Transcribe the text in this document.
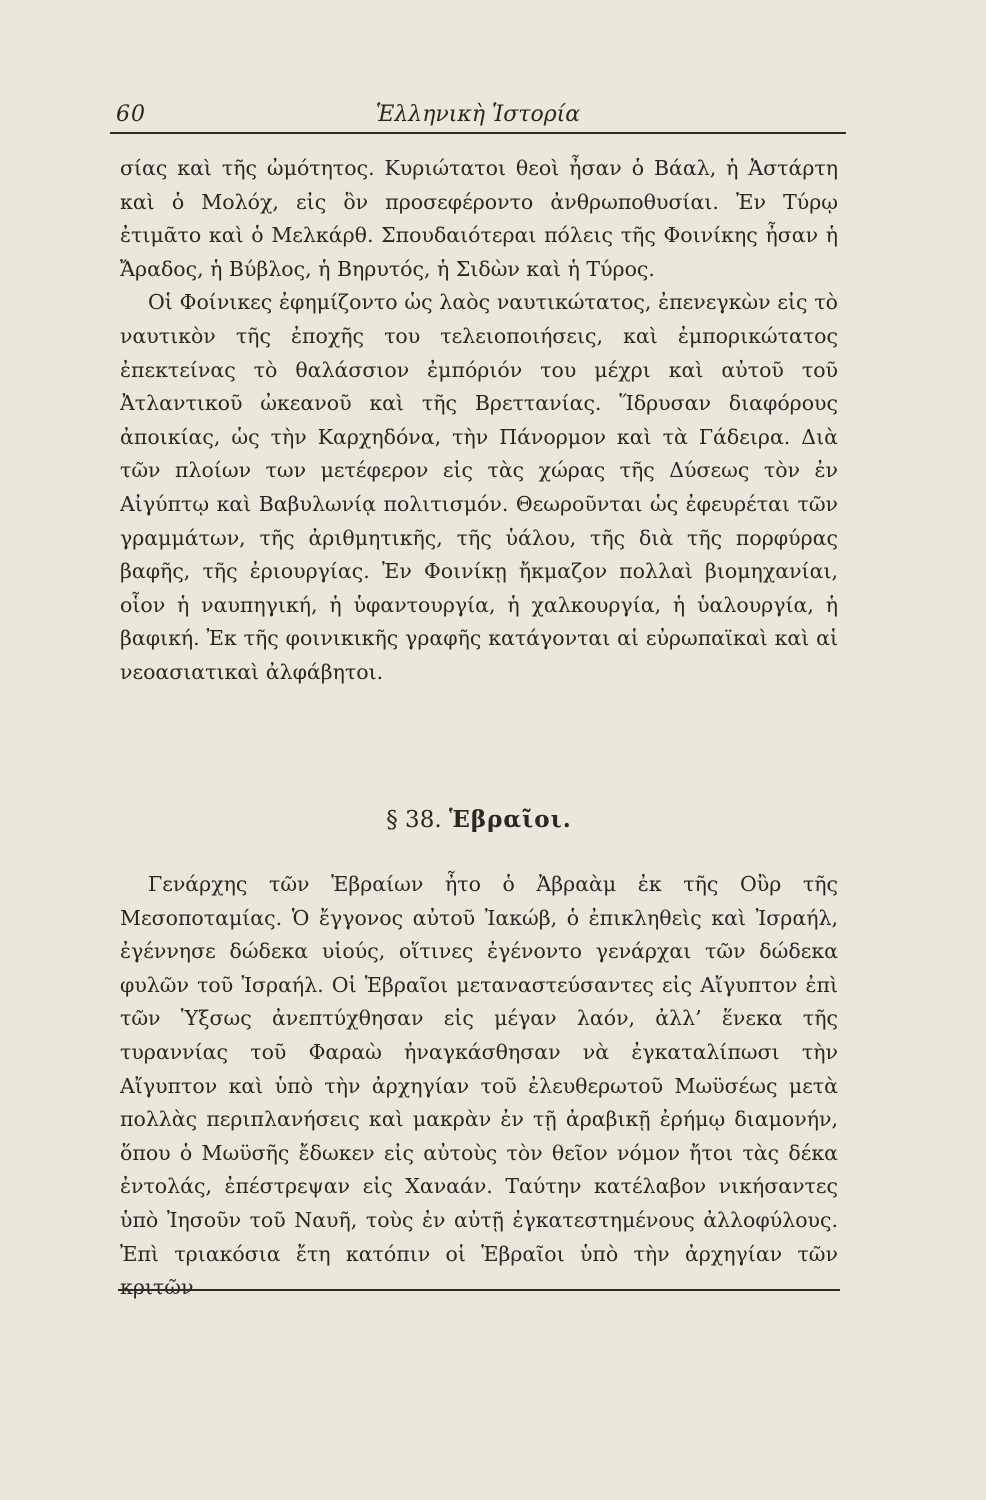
60	Ἑλληνικὴ Ἱστορία

σίας καὶ τῆς ὠμότητος. Κυριώτατοι θεοὶ ἦσαν ὁ Βάαλ, ἡ Ἀστάρτη καὶ ὁ Μολόχ, εἰς ὃν προσεφέροντο ἀνθρωποθυσίαι. Ἐν Τύρῳ ἐτιμᾶτο καὶ ὁ Μελκάρθ. Σπουδαιότεραι πόλεις τῆς Φοινίκης ἦσαν ἡ Ἄραδος, ἡ Βύβλος, ἡ Βηρυτός, ἡ Σιδὼν καὶ ἡ Τύρος.

Οἱ Φοίνικες ἐφημίζοντο ὡς λαὸς ναυτικώτατος, ἐπενεγκὼν εἰς τὸ ναυτικὸν τῆς ἐποχῆς του τελειοποιήσεις, καὶ ἐμπορικώτατος ἐπεκτείνας τὸ θαλάσσιον ἐμπόριόν του μέχρι καὶ αὐτοῦ τοῦ Ἀτλαντικοῦ ὠκεανοῦ καὶ τῆς Βρεττανίας. Ἵδρυσαν διαφόρους ἀποικίας, ὡς τὴν Καρχηδόνα, τὴν Πάνορμον καὶ τὰ Γάδειρα. Διὰ τῶν πλοίων των μετέφερον εἰς τὰς χώρας τῆς Δύσεως τὸν ἐν Αἰγύπτῳ καὶ Βαβυλωνίᾳ πολιτισμόν. Θεωροῦνται ὡς ἐφευρέται τῶν γραμμάτων, τῆς ἀριθμητικῆς, τῆς ὑάλου, τῆς διὰ τῆς πορφύρας βαφῆς, τῆς ἐριουργίας. Ἐν Φοινίκῃ ἤκμαζον πολλαὶ βιομηχανίαι, οἷον ἡ ναυπηγική, ἡ ὑφαντουργία, ἡ χαλκουργία, ἡ ὑαλουργία, ἡ βαφική. Ἐκ τῆς φοινικικῆς γραφῆς κατάγονται αἱ εὐρωπαϊκαὶ καὶ αἱ νεοασιατικαὶ ἀλφάβητοι.

§ 38. Ἑβραῖοι.

Γενάρχης τῶν Ἑβραίων ἦτο ὁ Ἀβραὰμ ἐκ τῆς Οὒρ τῆς Μεσοποταμίας. Ὁ ἔγγονος αὐτοῦ Ἰακώβ, ὁ ἐπικληθεὶς καὶ Ἰσραήλ, ἐγέννησε δώδεκα υἱούς, οἵτινες ἐγένοντο γενάρχαι τῶν δώδεκα φυλῶν τοῦ Ἰσραήλ. Οἱ Ἑβραῖοι μεταναστεύσαντες εἰς Αἴγυπτον ἐπὶ τῶν Ὑξσως ἀνεπτύχθησαν εἰς μέγαν λαόν, ἀλλ’ ἕνεκα τῆς τυραννίας τοῦ Φαραὼ ἠναγκάσθησαν νὰ ἐγκαταλίπωσι τὴν Αἴγυπτον καὶ ὑπὸ τὴν ἀρχηγίαν τοῦ ἐλευθερωτοῦ Μωϋσέως μετὰ πολλὰς περιπλανήσεις καὶ μακρὰν ἐν τῇ ἀραβικῇ ἐρήμῳ διαμονήν, ὅπου ὁ Μωϋσῆς ἔδωκεν εἰς αὐτοὺς τὸν θεῖον νόμον ἤτοι τὰς δέκα ἐντολάς, ἐπέστρεψαν εἰς Χαναάν. Ταύτην κατέλαβον νικήσαντες ὑπὸ Ἰησοῦν τοῦ Ναυῆ, τοὺς ἐν αὐτῇ ἐγκατεστημένους ἀλλοφύλους. Ἐπὶ τριακόσια ἔτη κατόπιν οἱ Ἑβραῖοι ὑπὸ τὴν ἀρχηγίαν τῶν κριτῶν
